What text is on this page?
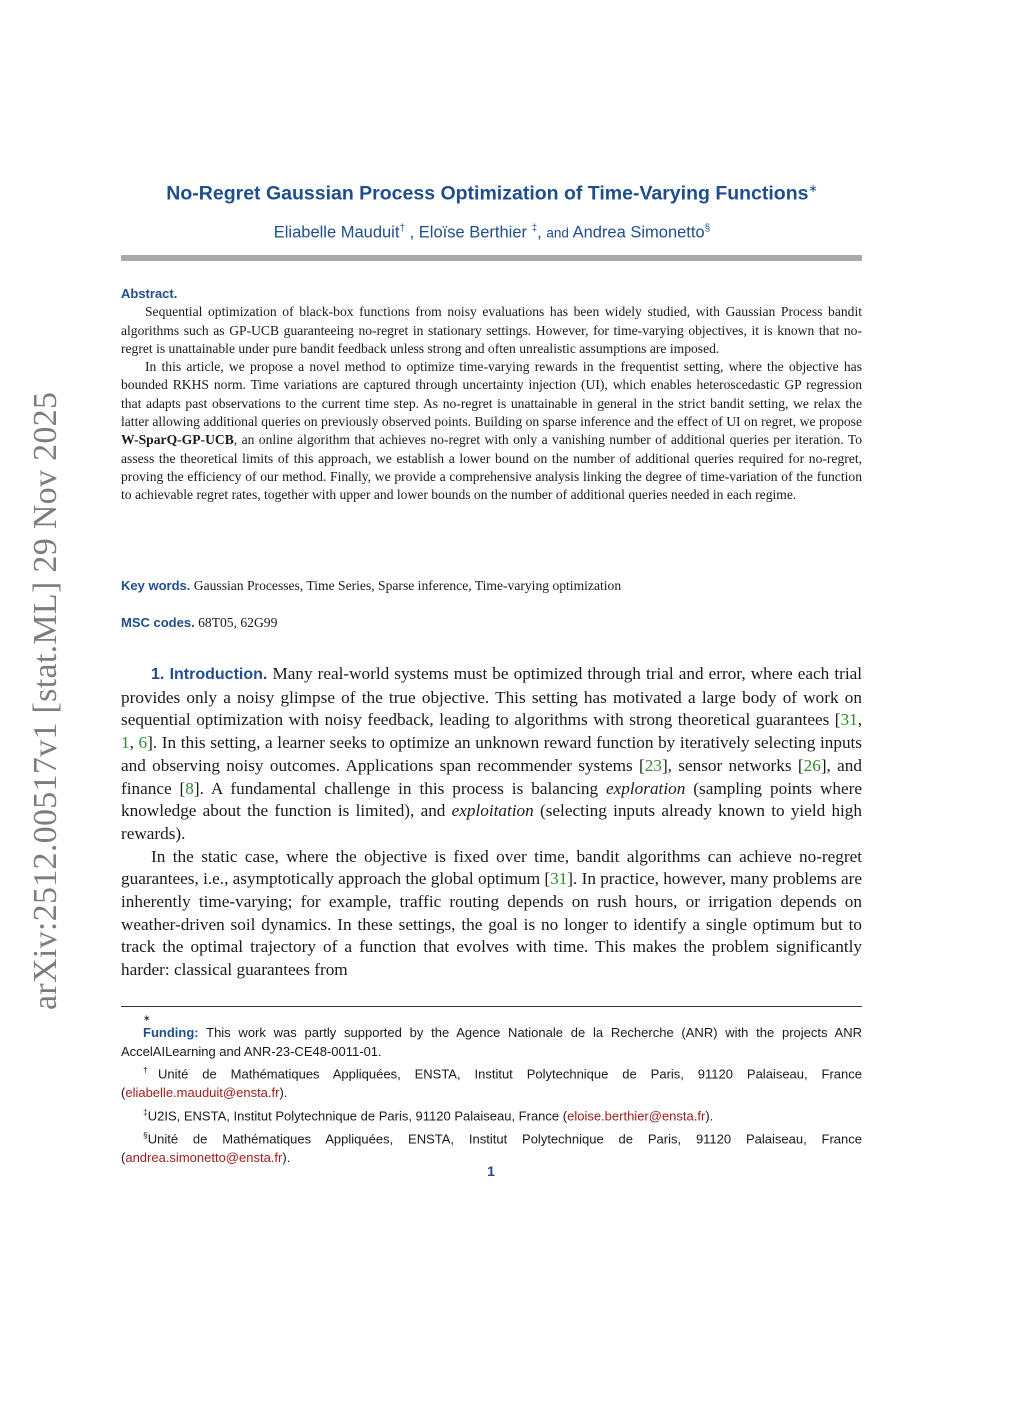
arXiv:2512.00517v1 [stat.ML] 29 Nov 2025
No-Regret Gaussian Process Optimization of Time-Varying Functions∗
Eliabelle Mauduit† , Eloïse Berthier ‡, and Andrea Simonetto§
Abstract.

Sequential optimization of black-box functions from noisy evaluations has been widely studied, with Gaussian Process bandit algorithms such as GP-UCB guaranteeing no-regret in stationary settings. However, for time-varying objectives, it is known that no-regret is unattainable under pure bandit feedback unless strong and often unrealistic assumptions are imposed.

In this article, we propose a novel method to optimize time-varying rewards in the frequentist setting, where the objective has bounded RKHS norm. Time variations are captured through uncertainty injection (UI), which enables heteroscedastic GP regression that adapts past observations to the current time step. As no-regret is unattainable in general in the strict bandit setting, we relax the latter allowing additional queries on previously observed points. Building on sparse inference and the effect of UI on regret, we propose W-SparQ-GP-UCB, an online algorithm that achieves no-regret with only a vanishing number of additional queries per iteration. To assess the theoretical limits of this approach, we establish a lower bound on the number of additional queries required for no-regret, proving the efficiency of our method. Finally, we provide a comprehensive analysis linking the degree of time-variation of the function to achievable regret rates, together with upper and lower bounds on the number of additional queries needed in each regime.

Key words. Gaussian Processes, Time Series, Sparse inference, Time-varying optimization
MSC codes. 68T05, 62G99

1. Introduction. Many real-world systems must be optimized through trial and error, where each trial provides only a noisy glimpse of the true objective. This setting has motivated a large body of work on sequential optimization with noisy feedback, leading to algorithms with strong theoretical guarantees [31, 1, 6]. In this setting, a learner seeks to optimize an unknown reward function by iteratively selecting inputs and observing noisy outcomes. Applications span recommender systems [23], sensor networks [26], and finance [8]. A fundamental challenge in this process is balancing exploration (sampling points where knowledge about the function is limited), and exploitation (selecting inputs already known to yield high rewards).

In the static case, where the objective is fixed over time, bandit algorithms can achieve no-regret guarantees, i.e., asymptotically approach the global optimum [31]. In practice, however, many problems are inherently time-varying; for example, traffic routing depends on rush hours, or irrigation depends on weather-driven soil dynamics. In these settings, the goal is no longer to identify a single optimum but to track the optimal trajectory of a function that evolves with time. This makes the problem significantly harder: classical guarantees from

∗

Funding: This work was partly supported by the Agence Nationale de la Recherche (ANR) with the projects ANR AccelAILearning and ANR-23-CE48-0011-01.

†Unité de Mathématiques Appliquées, ENSTA, Institut Polytechnique de Paris, 91120 Palaiseau, France (eliabelle.mauduit@ensta.fr).

‡U2IS, ENSTA, Institut Polytechnique de Paris, 91120 Palaiseau, France (eloise.berthier@ensta.fr).

§Unité de Mathématiques Appliquées, ENSTA, Institut Polytechnique de Paris, 91120 Palaiseau, France (andrea.simonetto@ensta.fr).

1
